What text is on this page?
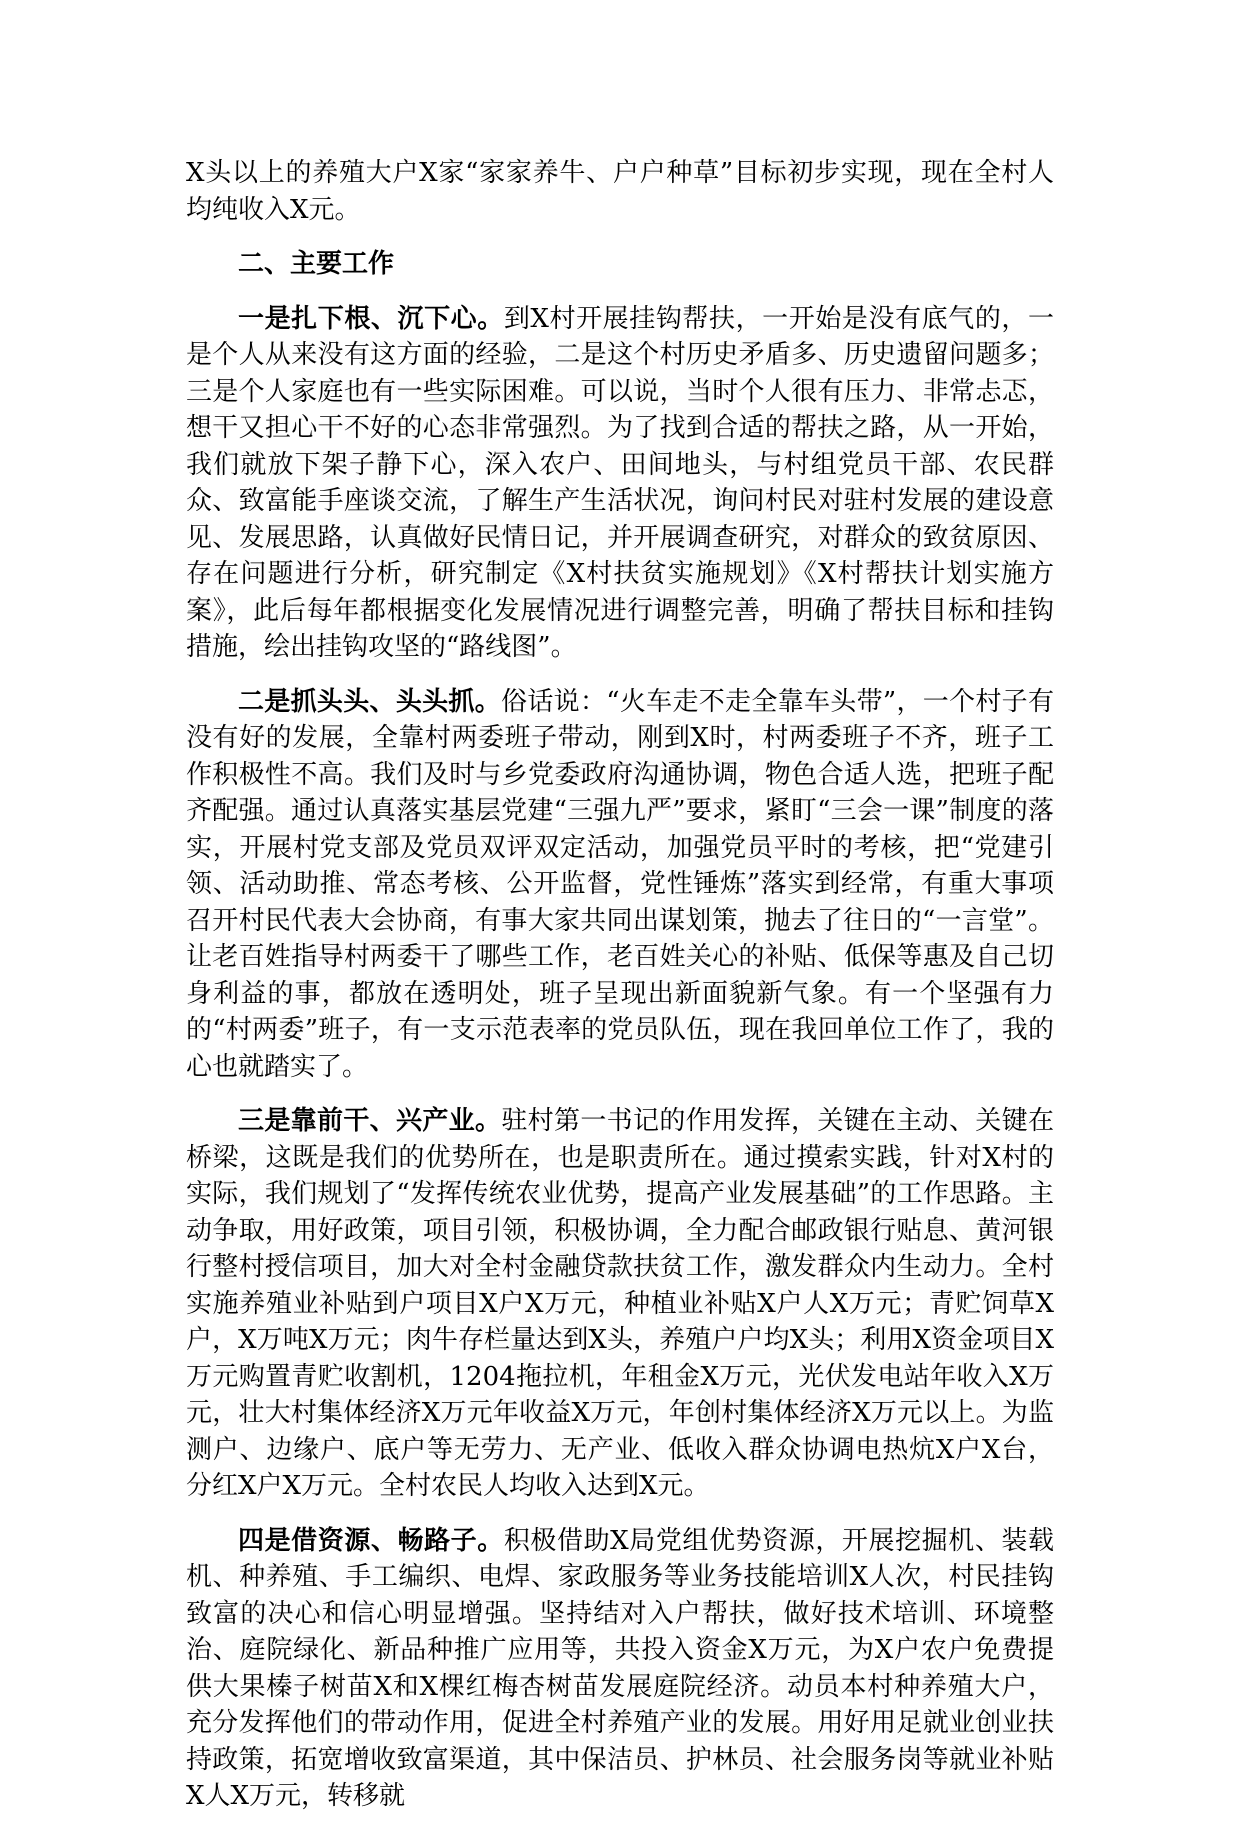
X头以上的养殖大户X家“家家养牛、户户种草”目标初步实现，现在全村人均纯收入X元。

二、主要工作

一是扎下根、沉下心。到X村开展挂钩帮扶，一开始是没有底气的，一是个人从来没有这方面的经验，二是这个村历史矛盾多、历史遗留问题多；三是个人家庭也有一些实际困难。可以说，当时个人很有压力、非常忐忑，想干又担心干不好的心态非常强烈。为了找到合适的帮扶之路，从一开始，我们就放下架子静下心，深入农户、田间地头，与村组党员干部、农民群众、致富能手座谈交流，了解生产生活状况，询问村民对驻村发展的建设意见、发展思路，认真做好民情日记，并开展调查研究，对群众的致贫原因、存在问题进行分析，研究制定《X村扶贫实施规划》《X村帮扶计划实施方案》，此后每年都根据变化发展情况进行调整完善，明确了帮扶目标和挂钩措施，绘出挂钩攻坚的“路线图”。

二是抓头头、头头抓。俗话说：“火车走不走全靠车头带”，一个村子有没有好的发展，全靠村两委班子带动，刚到X时，村两委班子不齐，班子工作积极性不高。我们及时与乡党委政府沟通协调，物色合适人选，把班子配齐配强。通过认真落实基层党建“三强九严”要求，紧盯“三会一课”制度的落实，开展村党支部及党员双评双定活动，加强党员平时的考核，把“党建引领、活动助推、常态考核、公开监督，党性锤炼”落实到经常，有重大事项召开村民代表大会协商，有事大家共同出谋划策，抛去了往日的“一言堂”。让老百姓指导村两委干了哪些工作，老百姓关心的补贴、低保等惠及自己切身利益的事，都放在透明处，班子呈现出新面貌新气象。有一个坚强有力的“村两委”班子，有一支示范表率的党员队伍，现在我回单位工作了，我的心也就踏实了。

三是靠前干、兴产业。驻村第一书记的作用发挥，关键在主动、关键在桥梁，这既是我们的优势所在，也是职责所在。通过摸索实践，针对X村的实际，我们规划了“发挥传统农业优势，提高产业发展基础”的工作思路。主动争取，用好政策，项目引领，积极协调，全力配合邮政银行贴息、黄河银行整村授信项目，加大对全村金融贷款扶贫工作，激发群众内生动力。全村实施养殖业补贴到户项目X户X万元，种植业补贴X户人X万元；青贮饲草X户，X万吨X万元；肉牛存栏量达到X头，养殖户户均X头；利用X资金项目X万元购置青贮收割机，1204拖拉机，年租金X万元，光伏发电站年收入X万元，壮大村集体经济X万元年收益X万元，年创村集体经济X万元以上。为监测户、边缘户、底户等无劳力、无产业、低收入群众协调电热炕X户X台，分红X户X万元。全村农民人均收入达到X元。

四是借资源、畅路子。积极借助X局党组优势资源，开展挖掘机、装载机、种养殖、手工编织、电焊、家政服务等业务技能培训X人次，村民挂钩致富的决心和信心明显增强。坚持结对入户帮扶，做好技术培训、环境整治、庭院绿化、新品种推广应用等，共投入资金X万元，为X户农户免费提供大果榛子树苗X和X棵红梅杏树苗发展庭院经济。动员本村种养殖大户，充分发挥他们的带动作用，促进全村养殖产业的发展。用好用足就业创业扶持政策，拓宽增收致富渠道，其中保洁员、护林员、社会服务岗等就业补贴X人X万元，转移就
